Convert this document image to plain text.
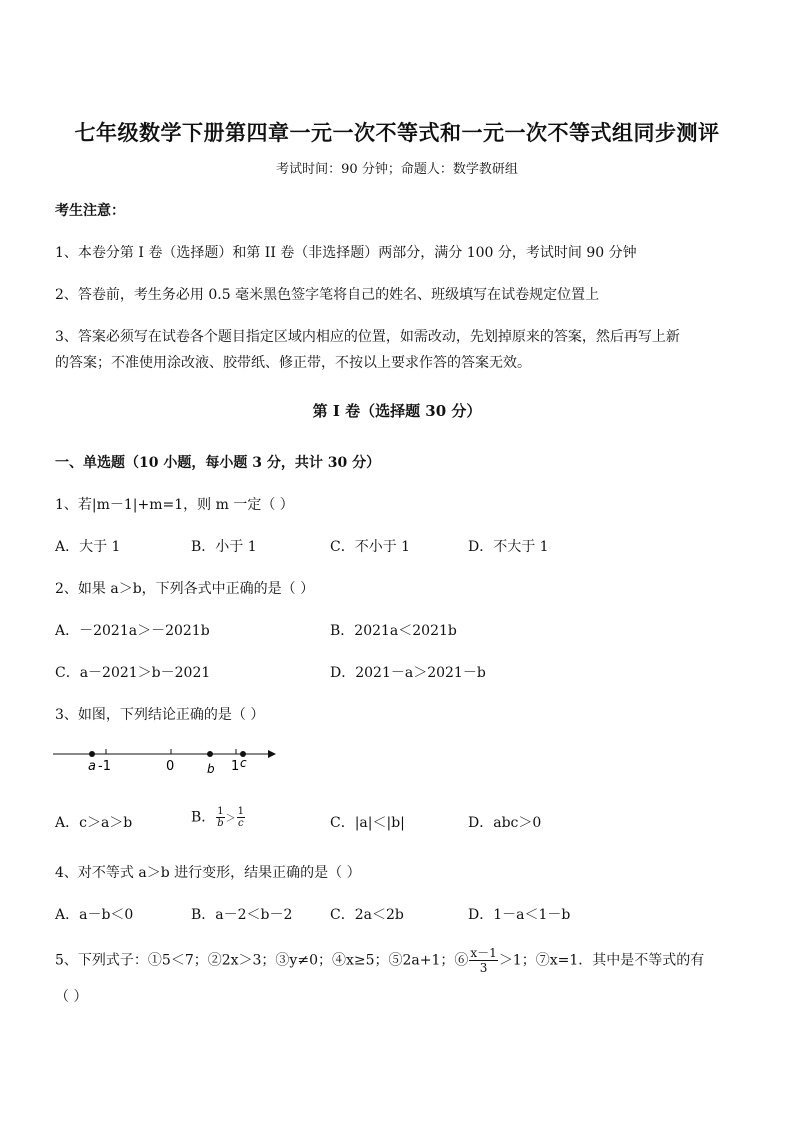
七年级数学下册第四章一元一次不等式和一元一次不等式组同步测评
考试时间：90 分钟；命题人：数学教研组
考生注意：
1、本卷分第 I 卷（选择题）和第 II 卷（非选择题）两部分，满分 100 分，考试时间 90 分钟
2、答卷前，考生务必用 0.5 毫米黑色签字笔将自己的姓名、班级填写在试卷规定位置上
3、答案必须写在试卷各个题目指定区域内相应的位置，如需改动，先划掉原来的答案，然后再写上新
的答案；不准使用涂改液、胶带纸、修正带，不按以上要求作答的答案无效。
第 I 卷（选择题 30 分）
一、单选题（10 小题，每小题 3 分，共计 30 分）
1、若|m－1|+m=1，则 m 一定（ ）
A．大于 1	B．小于 1	C．不小于 1	D．不大于 1
2、如果 a＞b，下列各式中正确的是（ ）
A．－2021a＞－2021b	B．2021a＜2021b
C．a－2021＞b－2021	D．2021－a＞2021－b
3、如图，下列结论正确的是（ ）
a -1	0	b 1 c
A．c＞a＞b	B． $\frac{1}{b} > \frac{1}{c}$	C．|a|＜|b|	D．abc＞0
4、对不等式 a＞b 进行变形，结果正确的是（ ）
A．a－b＜0	B．a－2＜b－2	C．2a＜2b	D．1－a＜1－b
5、下列式子：①5＜7；②2x＞3；③y≠0；④x≥5；⑤2a+1；⑥ $\frac{x-1}{3} >1$；⑦x=1．其中是不等式的有
（ ）
